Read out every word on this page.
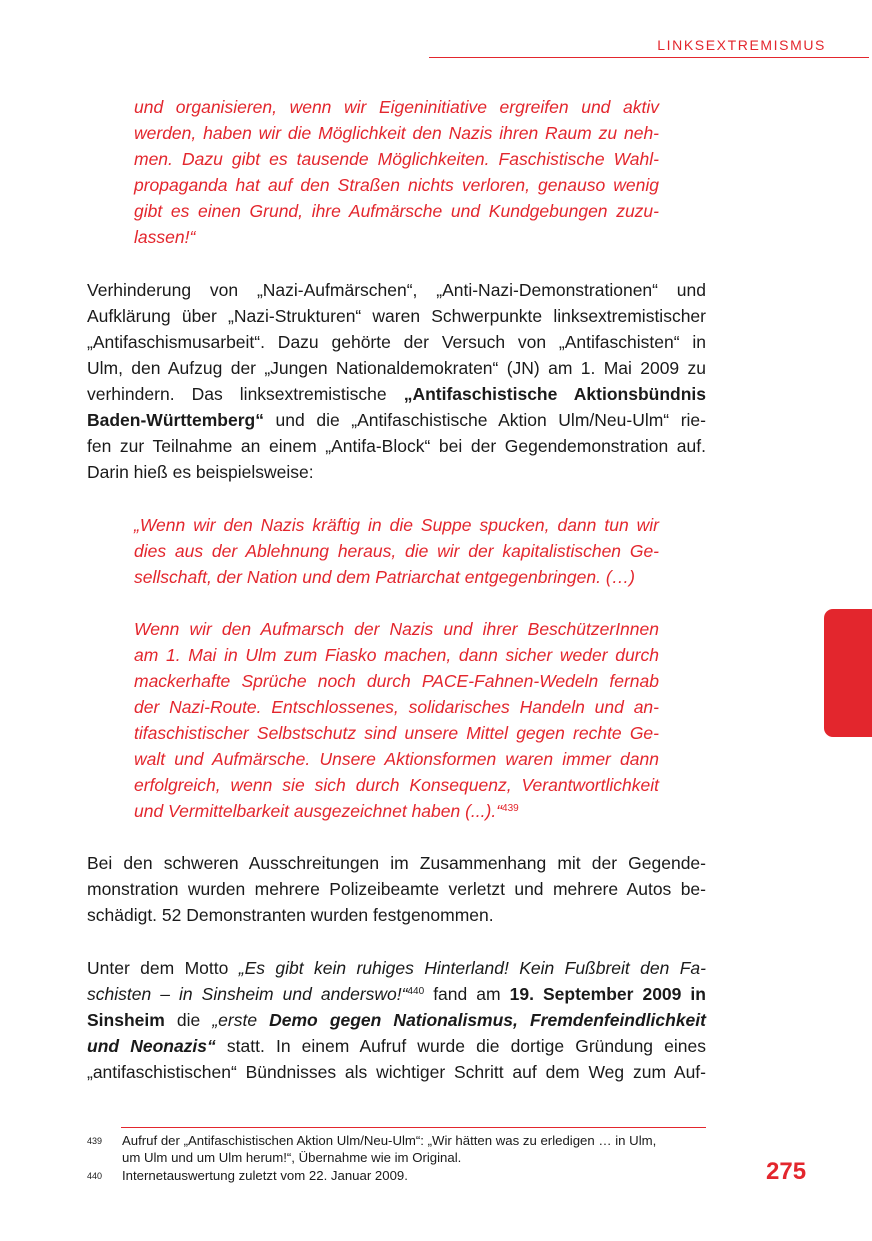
LINKSEXTREMISMUS

und organisieren, wenn wir Eigeninitiative ergreifen und aktiv
werden, haben wir die Möglichkeit den Nazis ihren Raum zu neh-
men. Dazu gibt es tausende Möglichkeiten. Faschistische Wahl-
propaganda hat auf den Straßen nichts verloren, genauso wenig
gibt es einen Grund, ihre Aufmärsche und Kundgebungen zuzu-
lassen!“

Verhinderung von „Nazi-Aufmärschen“, „Anti-Nazi-Demonstrationen“ und
Aufklärung über „Nazi-Strukturen“ waren Schwerpunkte linksextremistischer
„Antifaschismusarbeit“. Dazu gehörte der Versuch von „Antifaschisten“ in
Ulm, den Aufzug der „Jungen Nationaldemokraten“ (JN) am 1. Mai 2009 zu
verhindern. Das linksextremistische „Antifaschistische Aktionsbündnis
Baden-Württemberg“ und die „Antifaschistische Aktion Ulm/Neu-Ulm“ rie-
fen zur Teilnahme an einem „Antifa-Block“ bei der Gegendemonstration auf.
Darin hieß es beispielsweise:

„Wenn wir den Nazis kräftig in die Suppe spucken, dann tun wir
dies aus der Ablehnung heraus, die wir der kapitalistischen Ge-
sellschaft, der Nation und dem Patriarchat entgegenbringen. (…)

Wenn wir den Aufmarsch der Nazis und ihrer BeschützerInnen
am 1. Mai in Ulm zum Fiasko machen, dann sicher weder durch
mackerhafte Sprüche noch durch PACE-Fahnen-Wedeln fernab
der Nazi-Route. Entschlossenes, solidarisches Handeln und an-
tifaschistischer Selbstschutz sind unsere Mittel gegen rechte Ge-
walt und Aufmärsche. Unsere Aktionsformen waren immer dann
erfolgreich, wenn sie sich durch Konsequenz, Verantwortlichkeit
und Vermittelbarkeit ausgezeichnet haben (...).“$^{439}$

Bei den schweren Ausschreitungen im Zusammenhang mit der Gegende-
monstration wurden mehrere Polizeibeamte verletzt und mehrere Autos be-
schädigt. 52 Demonstranten wurden festgenommen.

Unter dem Motto „Es gibt kein ruhiges Hinterland! Kein Fußbreit den Fa-
schisten – in Sinsheim und anderswo!“$^{440}$ fand am 19. September 2009 in
Sinsheim die „erste Demo gegen Nationalismus, Fremdenfeindlichkeit
und Neonazis“ statt. In einem Aufruf wurde die dortige Gründung eines
„antifaschistischen“ Bündnisses als wichtiger Schritt auf dem Weg zum Auf-

439 Aufruf der „Antifaschistischen Aktion Ulm/Neu-Ulm“: „Wir hätten was zu erledigen … in Ulm,
um Ulm und um Ulm herum!“, Übernahme wie im Original.
440 Internetauswertung zuletzt vom 22. Januar 2009.	275
